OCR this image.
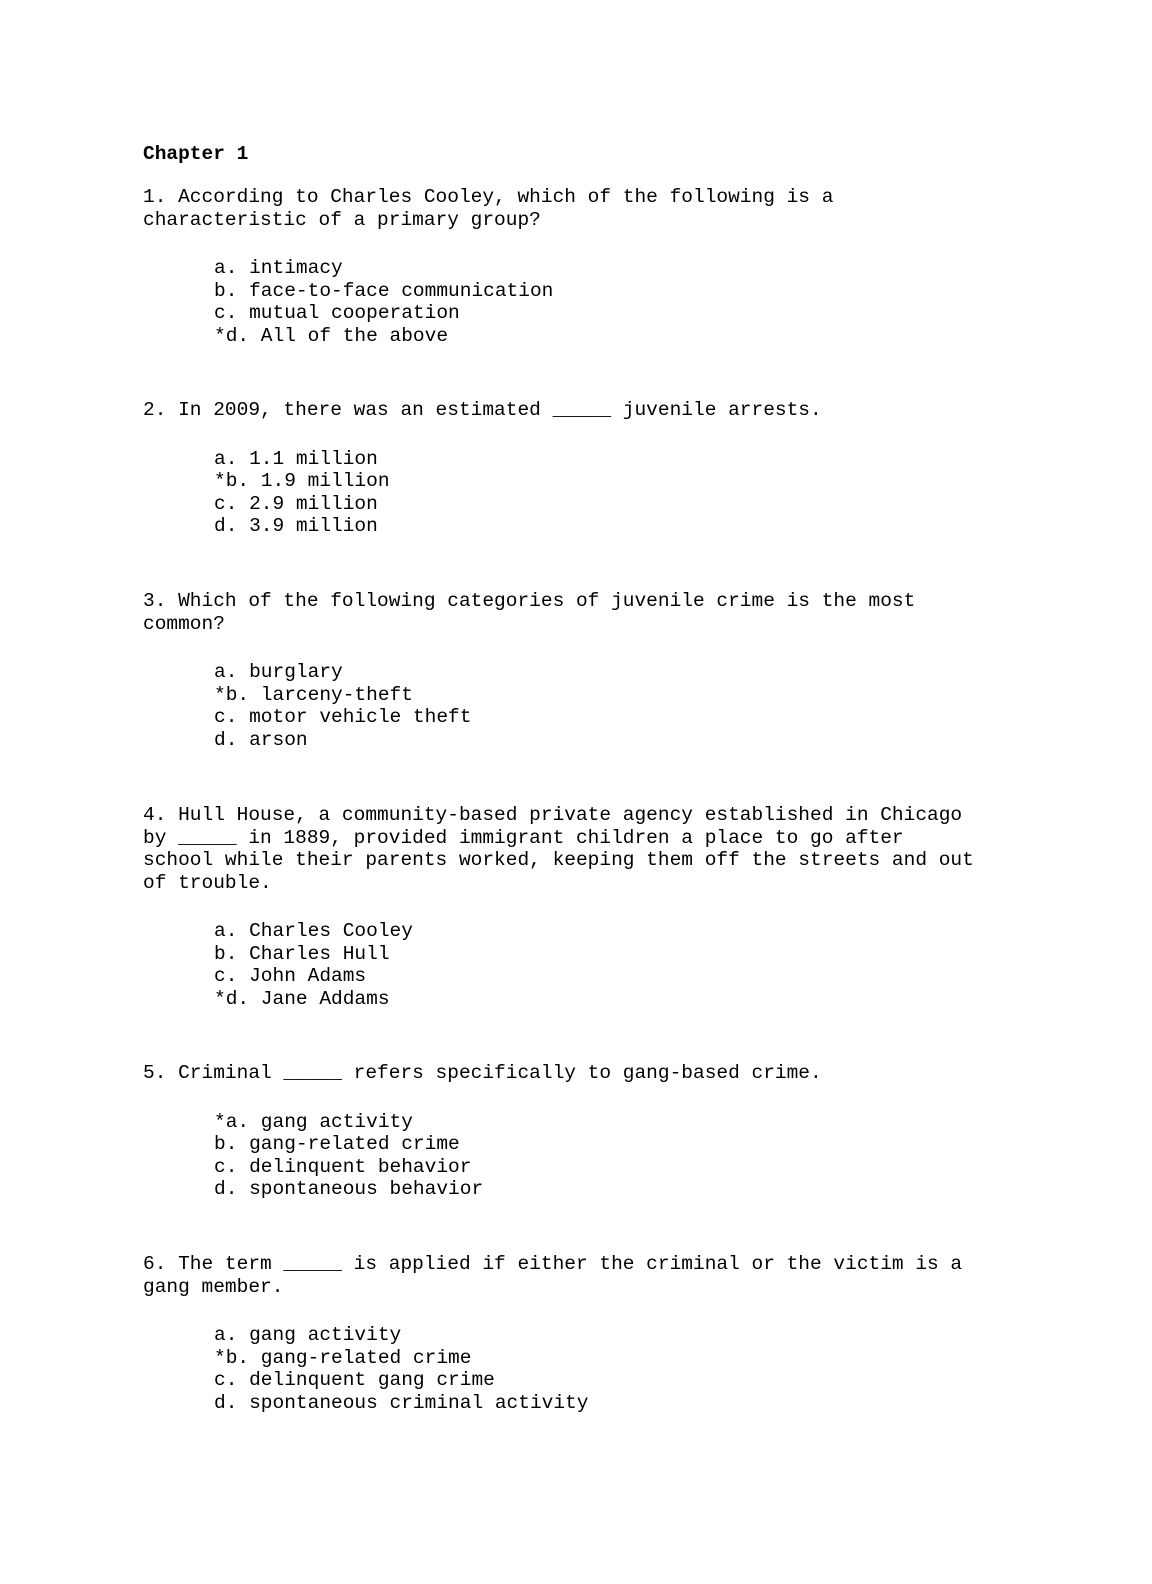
Chapter 1
1. According to Charles Cooley, which of the following is a
characteristic of a primary group?
a. intimacy
b. face-to-face communication
c. mutual cooperation
*d. All of the above
2. In 2009, there was an estimated _____ juvenile arrests.
a. 1.1 million
*b. 1.9 million
c. 2.9 million
d. 3.9 million
3. Which of the following categories of juvenile crime is the most
common?
a. burglary
*b. larceny-theft
c. motor vehicle theft
d. arson
4. Hull House, a community-based private agency established in Chicago
by _____ in 1889, provided immigrant children a place to go after
school while their parents worked, keeping them off the streets and out
of trouble.
a. Charles Cooley
b. Charles Hull
c. John Adams
*d. Jane Addams
5. Criminal _____ refers specifically to gang-based crime.
*a. gang activity
b. gang-related crime
c. delinquent behavior
d. spontaneous behavior
6. The term _____ is applied if either the criminal or the victim is a
gang member.
a. gang activity
*b. gang-related crime
c. delinquent gang crime
d. spontaneous criminal activity
